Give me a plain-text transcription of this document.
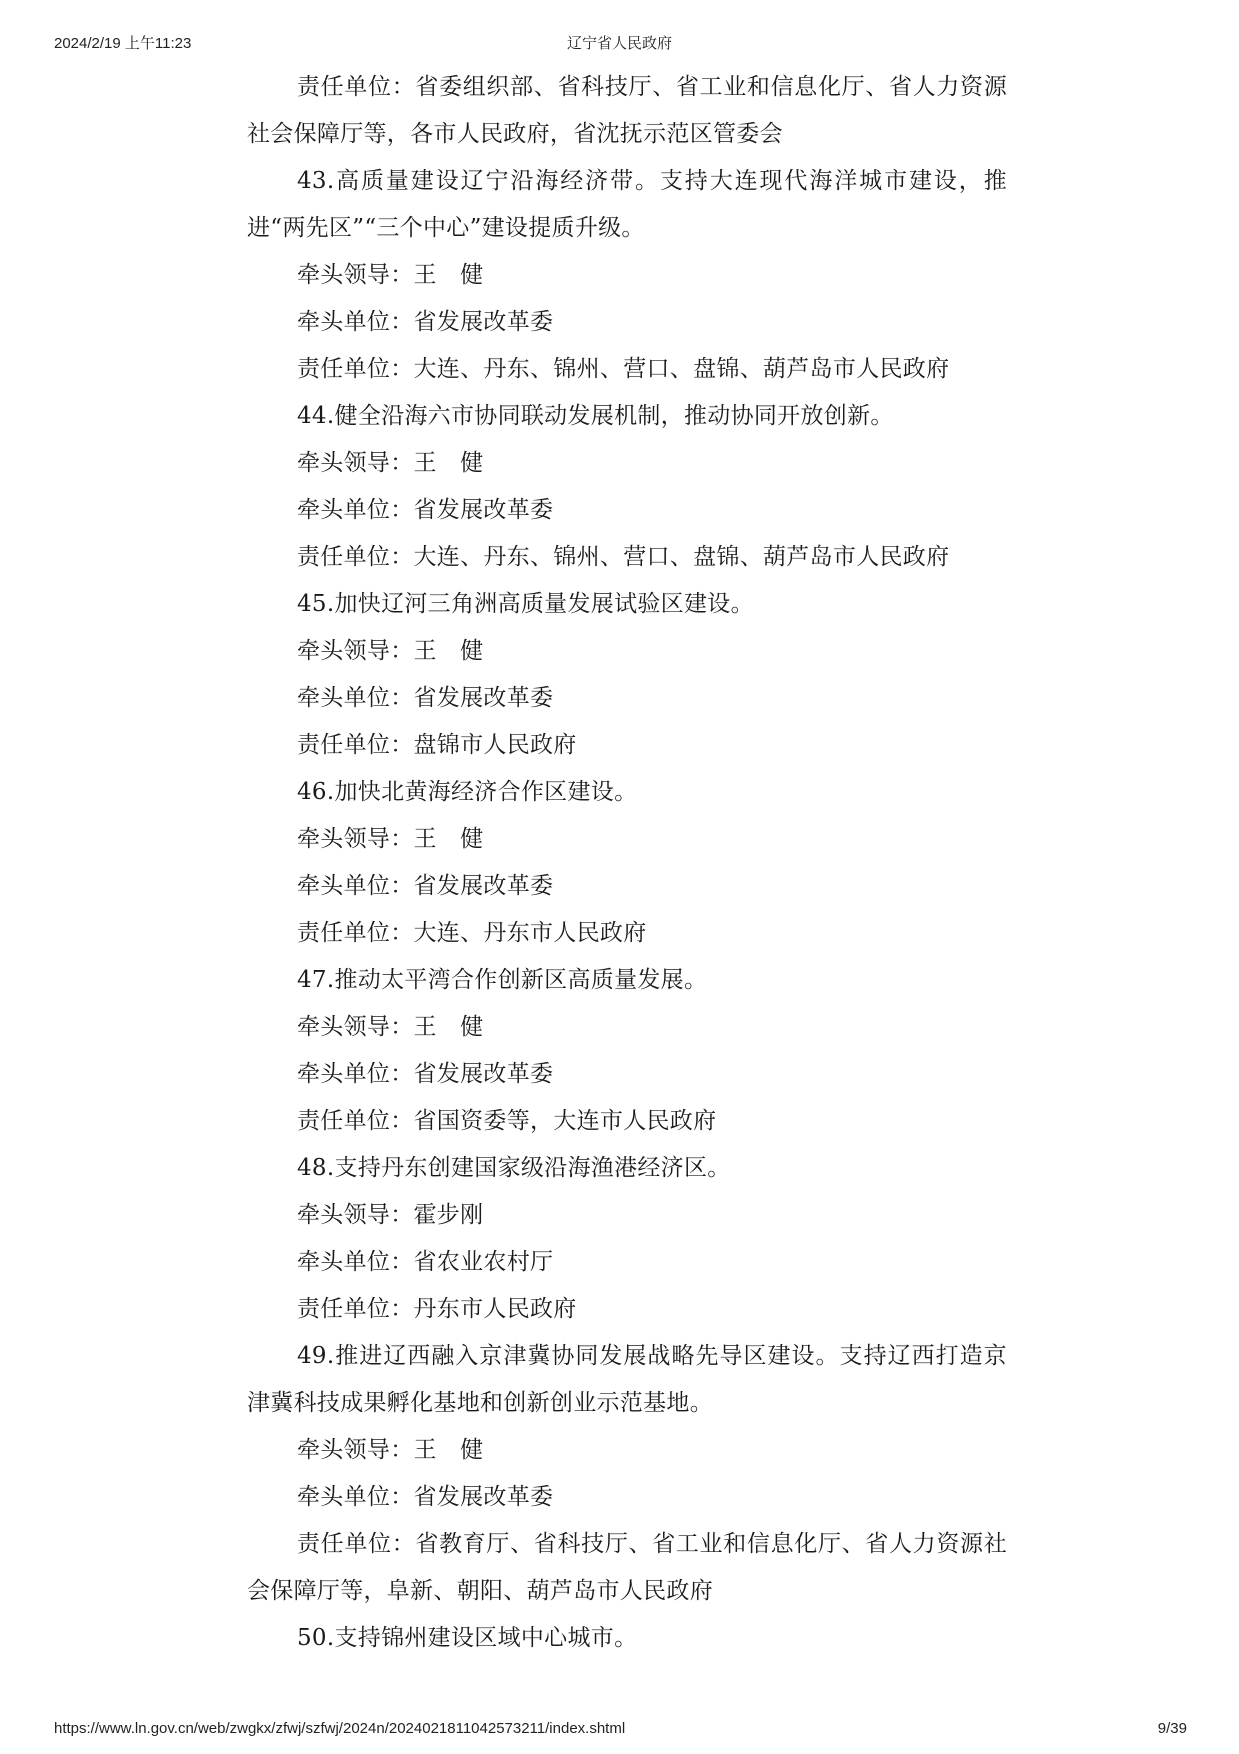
2024/2/19 上午11:23	辽宁省人民政府

责任单位：省委组织部、省科技厅、省工业和信息化厅、省人力资源社会保障厅等，各市人民政府，省沈抚示范区管委会

43.高质量建设辽宁沿海经济带。支持大连现代海洋城市建设，推进“两先区”“三个中心”建设提质升级。

牵头领导：王　健

牵头单位：省发展改革委

责任单位：大连、丹东、锦州、营口、盘锦、葫芦岛市人民政府

44.健全沿海六市协同联动发展机制，推动协同开放创新。

牵头领导：王　健

牵头单位：省发展改革委

责任单位：大连、丹东、锦州、营口、盘锦、葫芦岛市人民政府

45.加快辽河三角洲高质量发展试验区建设。

牵头领导：王　健

牵头单位：省发展改革委

责任单位：盘锦市人民政府

46.加快北黄海经济合作区建设。

牵头领导：王　健

牵头单位：省发展改革委

责任单位：大连、丹东市人民政府

47.推动太平湾合作创新区高质量发展。

牵头领导：王　健

牵头单位：省发展改革委

责任单位：省国资委等，大连市人民政府

48.支持丹东创建国家级沿海渔港经济区。

牵头领导：霍步刚

牵头单位：省农业农村厅

责任单位：丹东市人民政府

49.推进辽西融入京津冀协同发展战略先导区建设。支持辽西打造京津冀科技成果孵化基地和创新创业示范基地。

牵头领导：王　健

牵头单位：省发展改革委

责任单位：省教育厅、省科技厅、省工业和信息化厅、省人力资源社会保障厅等，阜新、朝阳、葫芦岛市人民政府

50.支持锦州建设区域中心城市。

https://www.ln.gov.cn/web/zwgkx/zfwj/szfwj/2024n/2024021811042573211/index.shtml	9/39
